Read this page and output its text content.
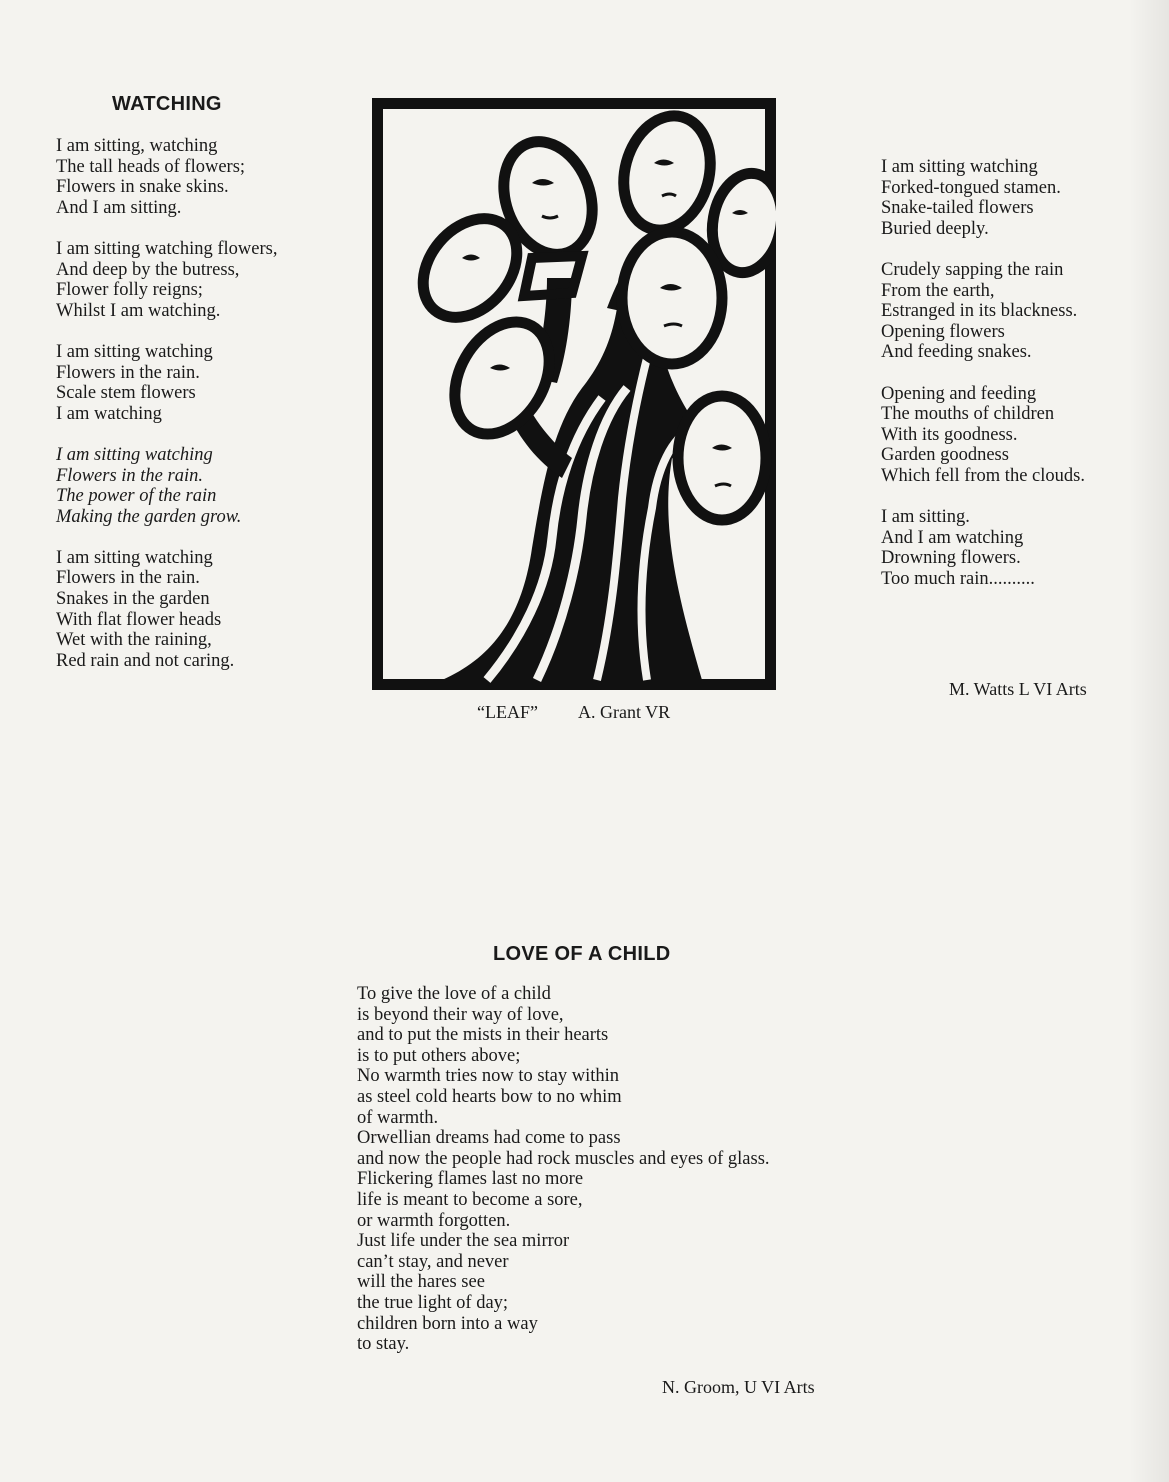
WATCHING
I am sitting, watching
The tall heads of flowers;
Flowers in snake skins.
And I am sitting.
I am sitting watching flowers,
And deep by the butress,
Flower folly reigns;
Whilst I am watching.
I am sitting watching
Flowers in the rain.
Scale stem flowers
I am watching
I am sitting watching
Flowers in the rain.
The power of the rain
Making the garden grow.
I am sitting watching
Flowers in the rain.
Snakes in the garden
With flat flower heads
Wet with the raining,
Red rain and not caring.
“LEAF” A. Grant VR
I am sitting watching
Forked-tongued stamen.
Snake-tailed flowers
Buried deeply.
Crudely sapping the rain
From the earth,
Estranged in its blackness.
Opening flowers
And feeding snakes.
Opening and feeding
The mouths of children
With its goodness.
Garden goodness
Which fell from the clouds.
I am sitting.
And I am watching
Drowning flowers.
Too much rain..........
M. Watts L VI Arts
LOVE OF A CHILD
To give the love of a child
is beyond their way of love,
and to put the mists in their hearts
is to put others above;
No warmth tries now to stay within
as steel cold hearts bow to no whim
of warmth.
Orwellian dreams had come to pass
and now the people had rock muscles and eyes of glass.
Flickering flames last no more
life is meant to become a sore,
or warmth forgotten.
Just life under the sea mirror
can’t stay, and never
will the hares see
the true light of day;
children born into a way
to stay.
N. Groom, U VI Arts
